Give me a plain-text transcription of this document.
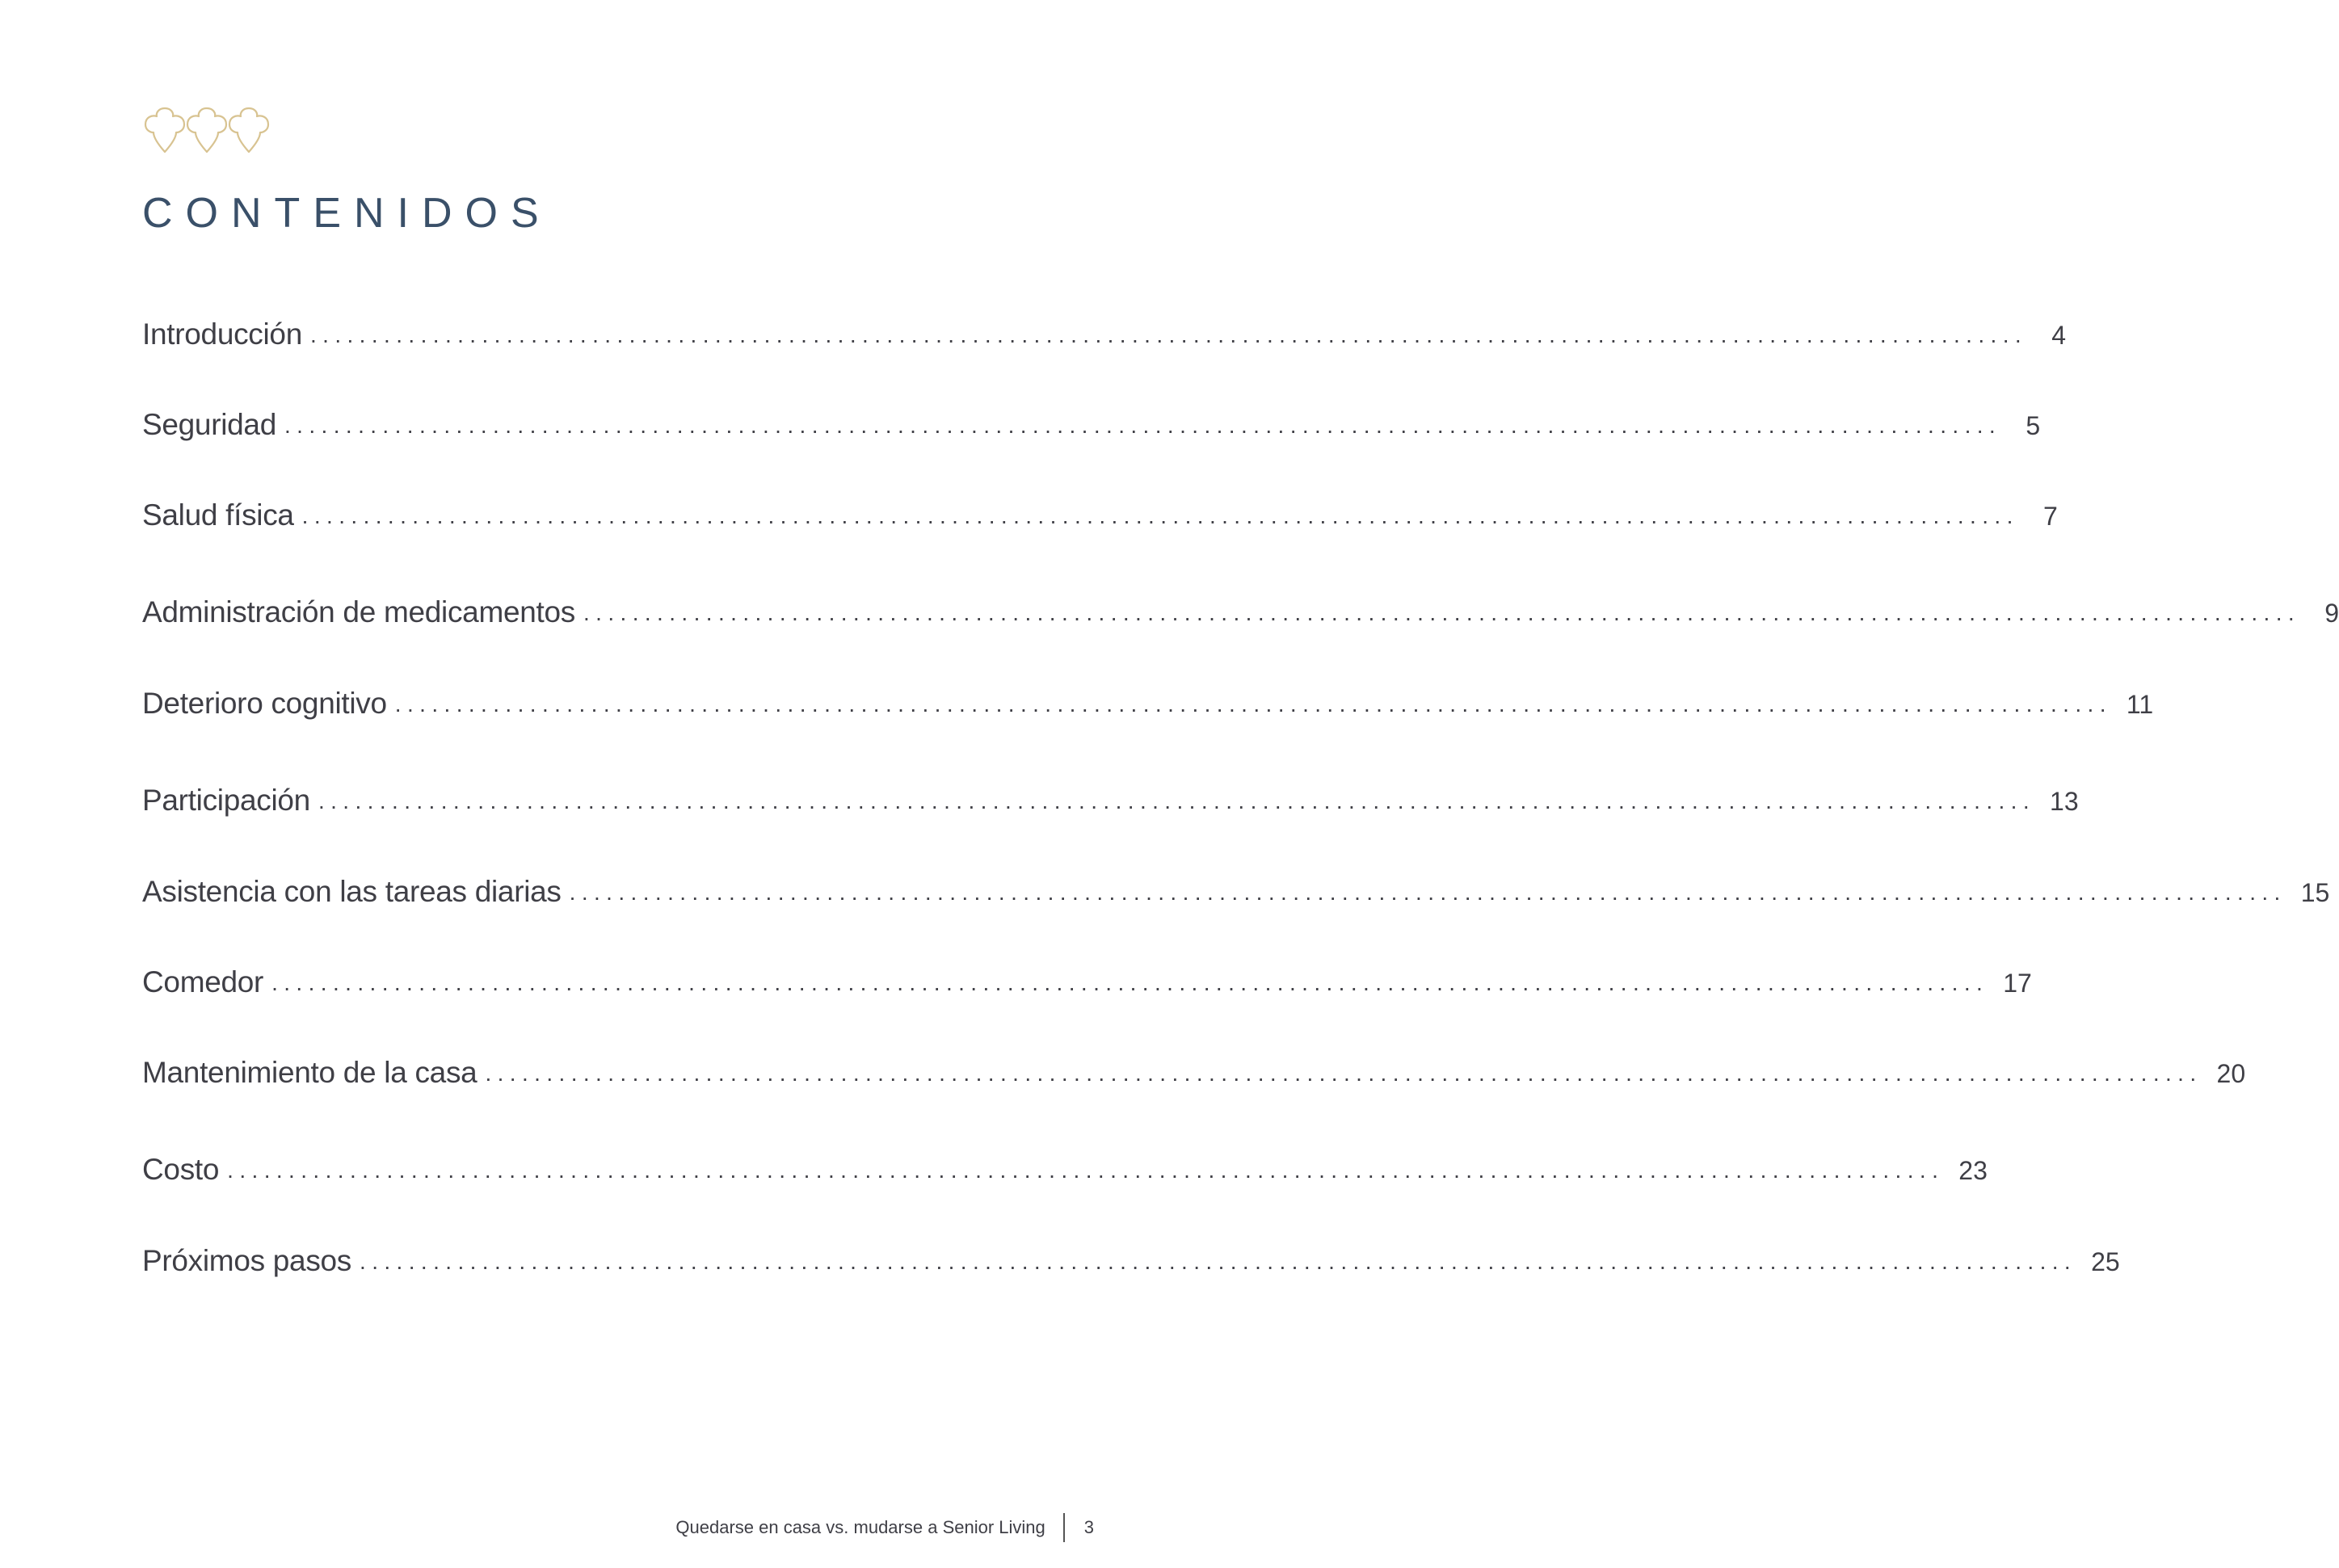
CONTENIDOS
Introducción ............................................................................................................................................ 4
Seguridad ............................................................................................................................................ 5
Salud física ............................................................................................................................................ 7
Administración de medicamentos ............................................................................................................................................ 9
Deterioro cognitivo ............................................................................................................................................ 11
Participación ............................................................................................................................................ 13
Asistencia con las tareas diarias ............................................................................................................................................ 15
Comedor ............................................................................................................................................ 17
Mantenimiento de la casa ............................................................................................................................................ 20
Costo ............................................................................................................................................ 23
Próximos pasos ............................................................................................................................................ 25
Quedarse en casa vs. mudarse a Senior Living 3
